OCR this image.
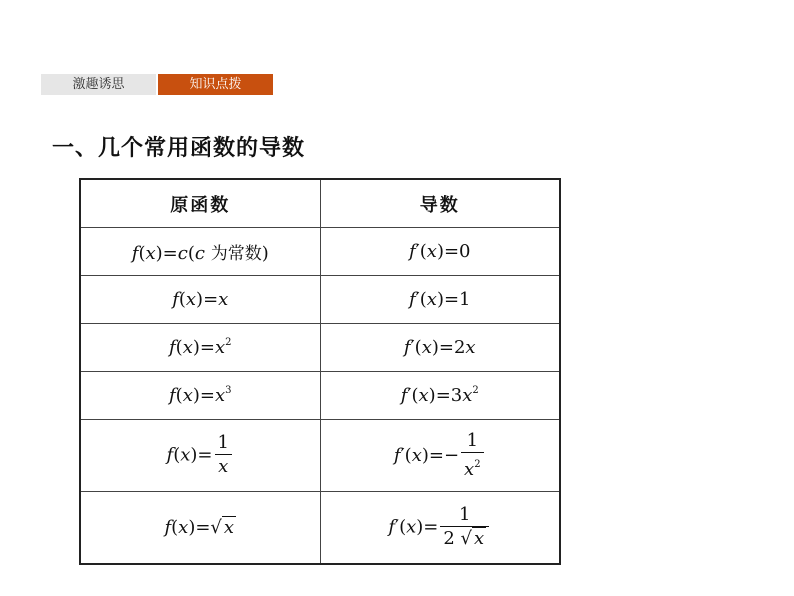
激趣诱思	知识点拨
一、几个常用函数的导数
原函数	导数
f(x)=c(c 为常数)	f′(x)=0
f(x)=x	f′(x)=1
$f(x)=x^2$	f′(x)=2x
$f(x)=x^3$	$f'(x)=3x^2$
$f(x)= \frac{1}{x}$	$f'(x)=- \frac{1}{x^2}$

f(x)=√ x	$f'(x)= \frac{1}{2 √ x}$
